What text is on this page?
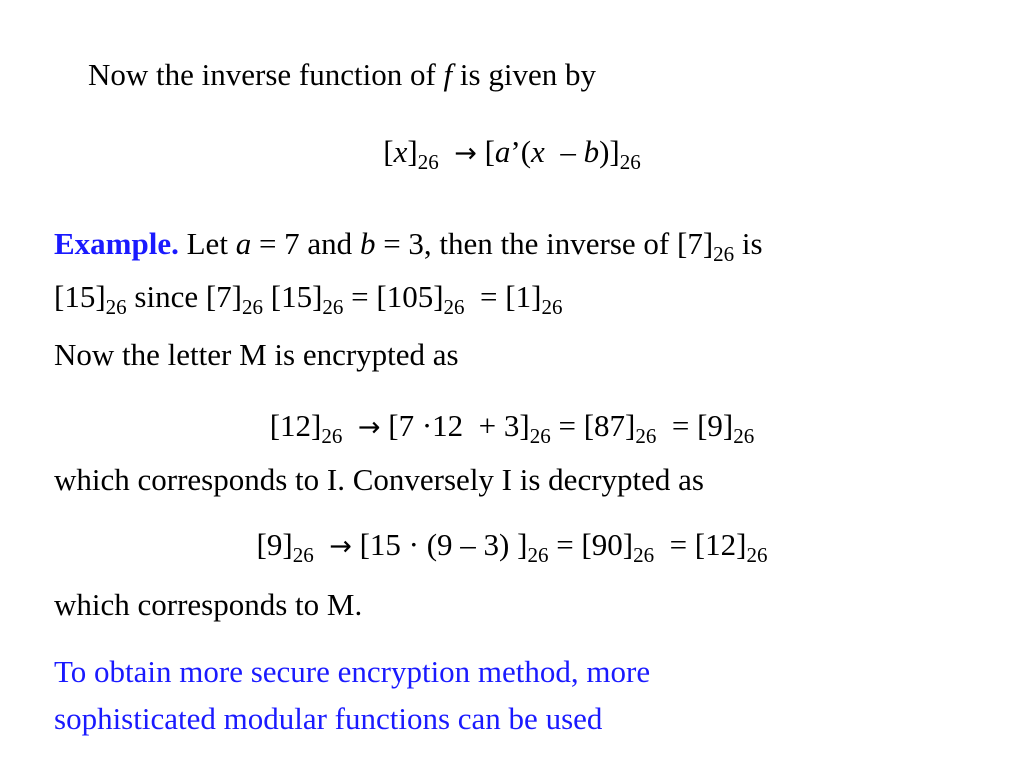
Now the inverse function of f is given by
$[x]_{26}$ → [a’(x  – $b)]_{26}$
Example. Let a = 7 and b = 3, then the inverse of $[7]_{26}$ is
$[15]_{26}$ since $[7]_{26}$ $[15]_{26} = [105]_{26} = [1]_{26}$
Now the letter M is encrypted as
$[12]_{26} \to [7 \cdot 12 + 3]_{26} = [87]_{26} = [9]_{26}$
which corresponds to I. Conversely I is decrypted as
$[9]_{26} \to [15 \cdot (9 - 3) ]_{26} = [90]_{26} = [12]_{26}$
which corresponds to M.
To obtain more secure encryption method, more
sophisticated modular functions can be used
